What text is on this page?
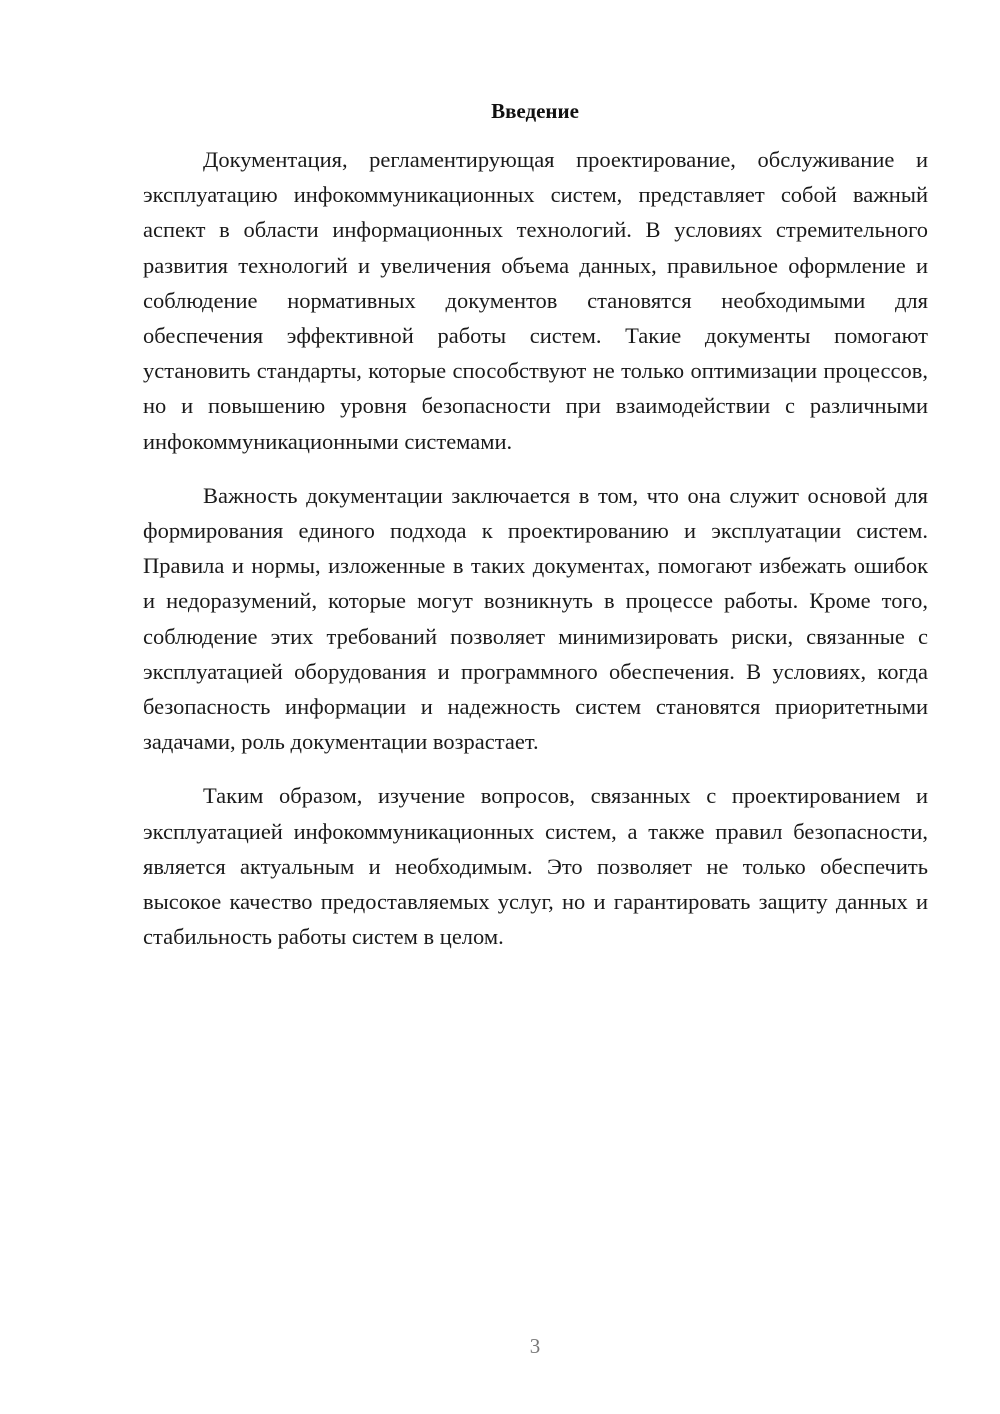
Введение

Документация, регламентирующая проектирование, обслуживание и эксплуатацию инфокоммуникационных систем, представляет собой важный аспект в области информационных технологий. В условиях стремительного развития технологий и увеличения объема данных, правильное оформление и соблюдение нормативных документов становятся необходимыми для обеспечения эффективной работы систем. Такие документы помогают установить стандарты, которые способствуют не только оптимизации процессов, но и повышению уровня безопасности при взаимодействии с различными инфокоммуникационными системами.

Важность документации заключается в том, что она служит основой для формирования единого подхода к проектированию и эксплуатации систем. Правила и нормы, изложенные в таких документах, помогают избежать ошибок и недоразумений, которые могут возникнуть в процессе работы. Кроме того, соблюдение этих требований позволяет минимизировать риски, связанные с эксплуатацией оборудования и программного обеспечения. В условиях, когда безопасность информации и надежность систем становятся приоритетными задачами, роль документации возрастает.

Таким образом, изучение вопросов, связанных с проектированием и эксплуатацией инфокоммуникационных систем, а также правил безопасности, является актуальным и необходимым. Это позволяет не только обеспечить высокое качество предоставляемых услуг, но и гарантировать защиту данных и стабильность работы систем в целом.

3
